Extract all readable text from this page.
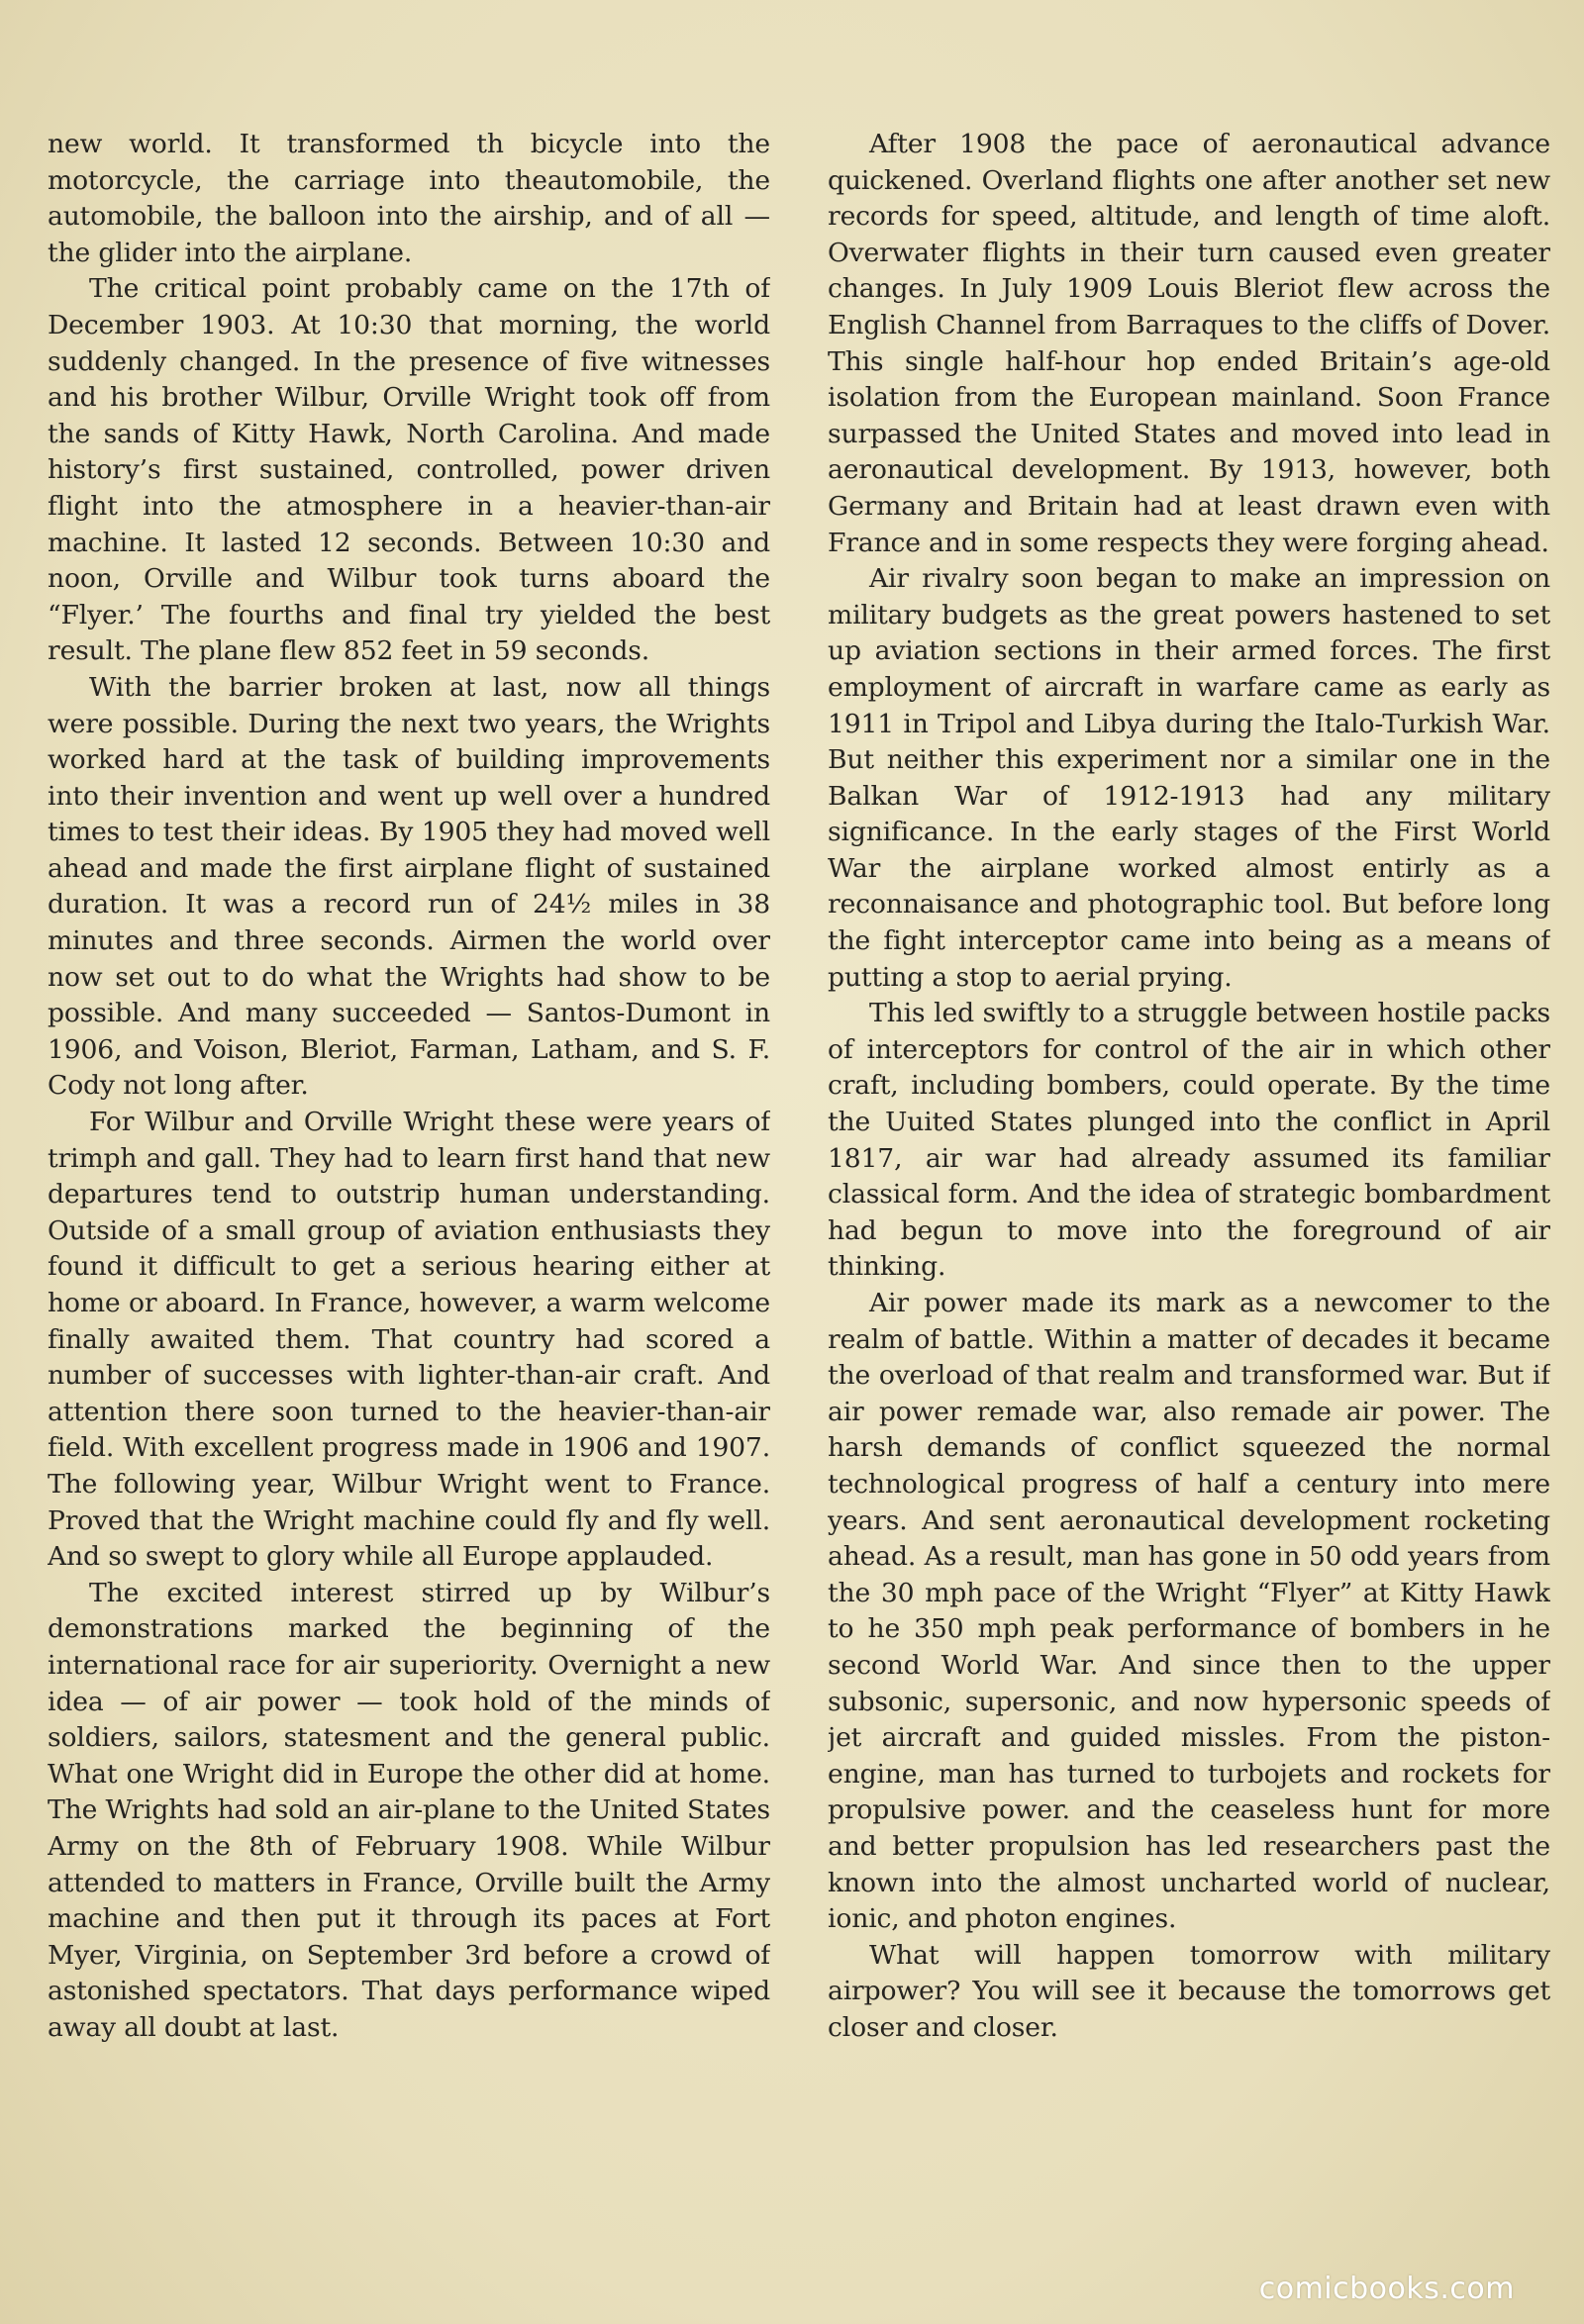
new world. It transformed th bicycle into the motorcycle, the carriage into theautomobile, the automobile, the balloon into the airship, and of all — the glider into the airplane.

The critical point probably came on the 17th of December 1903. At 10:30 that morning, the world suddenly changed. In the presence of five witnesses and his brother Wilbur, Orville Wright took off from the sands of Kitty Hawk, North Carolina. And made history’s first sustained, controlled, power driven flight into the atmosphere in a heavier-than-air machine. It lasted 12 seconds. Between 10:30 and noon, Orville and Wilbur took turns aboard the “Flyer.’ The fourths and final try yielded the best result. The plane flew 852 feet in 59 seconds.

With the barrier broken at last, now all things were possible. During the next two years, the Wrights worked hard at the task of building improvements into their invention and went up well over a hundred times to test their ideas. By 1905 they had moved well ahead and made the first airplane flight of sustained duration. It was a record run of 24½ miles in 38 minutes and three seconds. Airmen the world over now set out to do what the Wrights had show to be possible. And many succeeded — Santos-Dumont in 1906, and Voison, Bleriot, Farman, Latham, and S. F. Cody not long after.

For Wilbur and Orville Wright these were years of trimph and gall. They had to learn first hand that new departures tend to outstrip human understanding. Outside of a small group of aviation enthusiasts they found it difficult to get a serious hearing either at home or aboard. In France, however, a warm welcome finally awaited them. That country had scored a number of successes with lighter-than-air craft. And attention there soon turned to the heavier-than-air field. With excellent progress made in 1906 and 1907. The following year, Wilbur Wright went to France. Proved that the Wright machine could fly and fly well. And so swept to glory while all Europe applauded.

The excited interest stirred up by Wilbur’s demonstrations marked the beginning of the international race for air superiority. Overnight a new idea — of air power — took hold of the minds of soldiers, sailors, statesment and the general public. What one Wright did in Europe the other did at home. The Wrights had sold an air-plane to the United States Army on the 8th of February 1908. While Wilbur attended to matters in France, Orville built the Army machine and then put it through its paces at Fort Myer, Virginia, on September 3rd before a crowd of astonished spectators. That days performance wiped away all doubt at last.

After 1908 the pace of aeronautical advance quickened. Overland flights one after another set new records for speed, altitude, and length of time aloft. Overwater flights in their turn caused even greater changes. In July 1909 Louis Bleriot flew across the English Channel from Barraques to the cliffs of Dover. This single half-hour hop ended Britain’s age-old isolation from the European mainland. Soon France surpassed the United States and moved into lead in aeronautical development. By 1913, however, both Germany and Britain had at least drawn even with France and in some respects they were forging ahead.

Air rivalry soon began to make an impression on military budgets as the great powers hastened to set up aviation sections in their armed forces. The first employment of aircraft in warfare came as early as 1911 in Tripol and Libya during the Italo-Turkish War. But neither this experiment nor a similar one in the Balkan War of 1912-1913 had any military significance. In the early stages of the First World War the airplane worked almost entirly as a reconnaisance and photographic tool. But before long the fight interceptor came into being as a means of putting a stop to aerial prying.

This led swiftly to a struggle between hostile packs of interceptors for control of the air in which other craft, including bombers, could operate. By the time the Uuited States plunged into the conflict in April 1817, air war had already assumed its familiar classical form. And the idea of strategic bombardment had begun to move into the foreground of air thinking.

Air power made its mark as a newcomer to the realm of battle. Within a matter of decades it became the overload of that realm and transformed war. But if air power remade war, also remade air power. The harsh demands of conflict squeezed the normal technological progress of half a century into mere years. And sent aeronautical development rocketing ahead. As a result, man has gone in 50 odd years from the 30 mph pace of the Wright “Flyer” at Kitty Hawk to he 350 mph peak performance of bombers in he second World War. And since then to the upper subsonic, supersonic, and now hypersonic speeds of jet aircraft and guided missles. From the piston-engine, man has turned to turbojets and rockets for propulsive power. and the ceaseless hunt for more and better propulsion has led researchers past the known into the almost uncharted world of nuclear, ionic, and photon engines.

What will happen tomorrow with military airpower? You will see it because the tomorrows get closer and closer.

comicbooks.com
